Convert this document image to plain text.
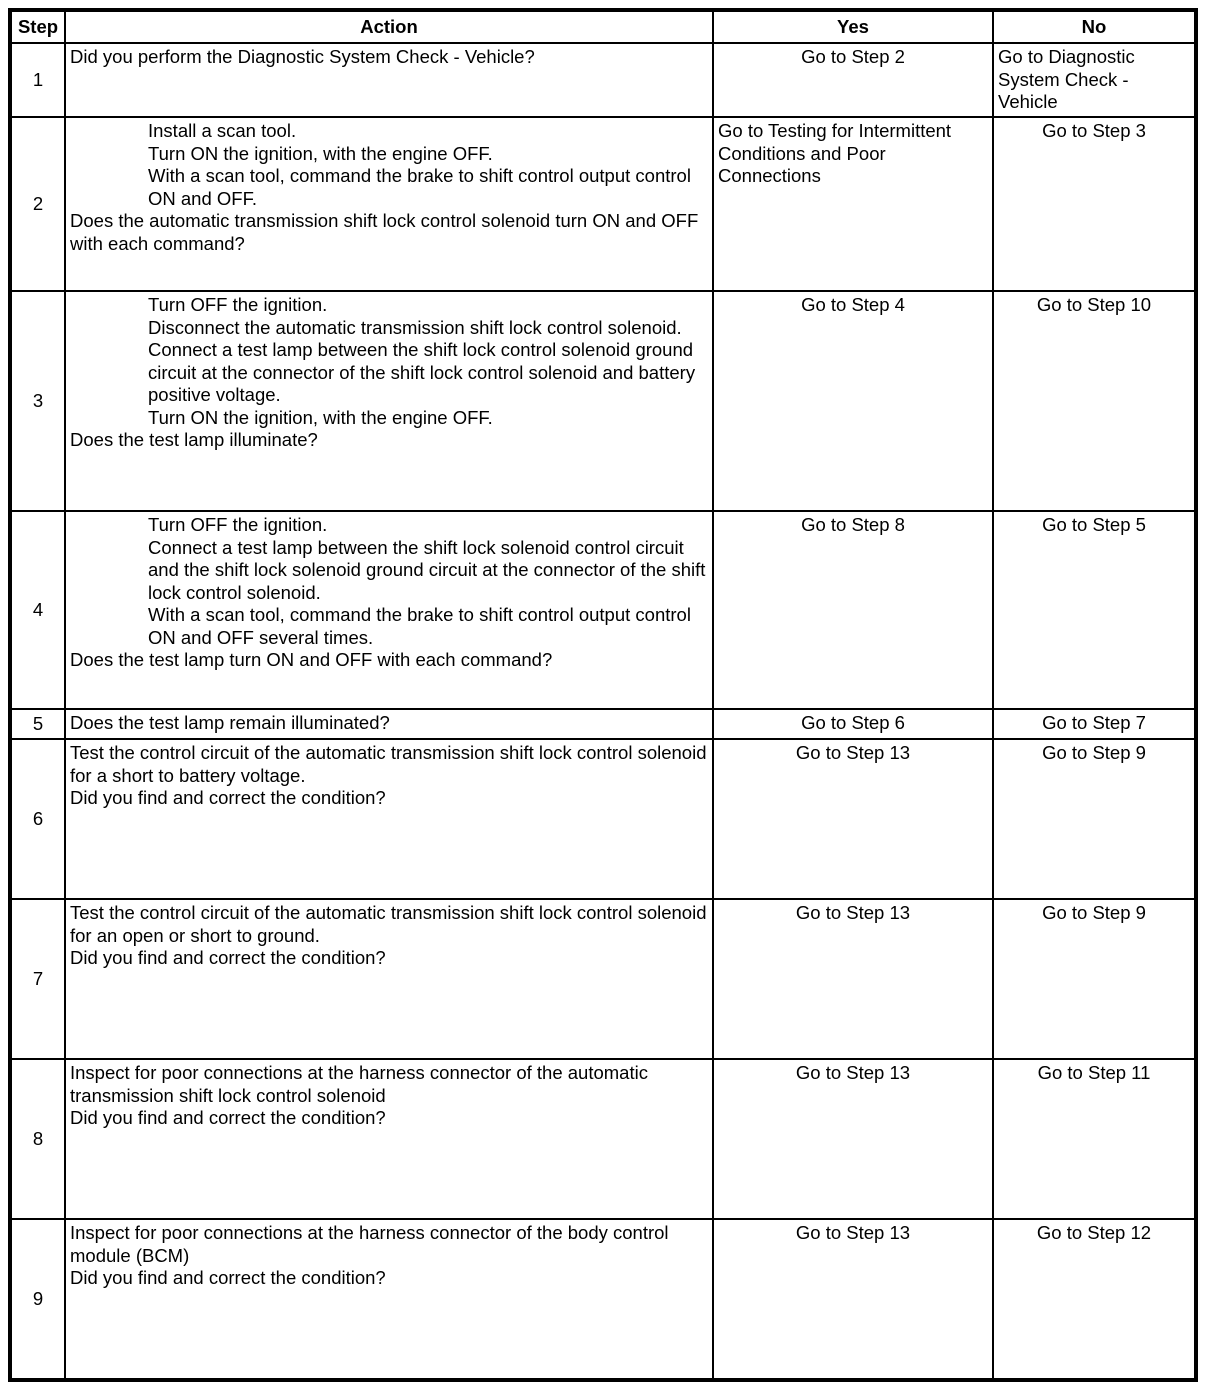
Step	Action	Yes	No
1	Did you perform the Diagnostic System Check - Vehicle?	Go to Step 2	Go to Diagnostic System Check - Vehicle

2	Install a scan tool.
Turn ON the ignition, with the engine OFF.
With a scan tool, command the brake to shift control output control ON and OFF.
Does the automatic transmission shift lock control solenoid turn ON and OFF with each command?	Go to Testing for Intermittent Conditions and Poor Connections	Go to Step 3

3	Turn OFF the ignition.
Disconnect the automatic transmission shift lock control solenoid.
Connect a test lamp between the shift lock control solenoid ground circuit at the connector of the shift lock control solenoid and battery positive voltage.
Turn ON the ignition, with the engine OFF.
Does the test lamp illuminate?	Go to Step 4	Go to Step 10

4	Turn OFF the ignition.
Connect a test lamp between the shift lock solenoid control circuit and the shift lock solenoid ground circuit at the connector of the shift lock control solenoid.
With a scan tool, command the brake to shift control output control ON and OFF several times.
Does the test lamp turn ON and OFF with each command?	Go to Step 8	Go to Step 5

5	Does the test lamp remain illuminated?	Go to Step 6	Go to Step 7

6	Test the control circuit of the automatic transmission shift lock control solenoid for a short to battery voltage.
Did you find and correct the condition?	Go to Step 13	Go to Step 9

7	Test the control circuit of the automatic transmission shift lock control solenoid for an open or short to ground.
Did you find and correct the condition?	Go to Step 13	Go to Step 9

8	Inspect for poor connections at the harness connector of the automatic transmission shift lock control solenoid
Did you find and correct the condition?	Go to Step 13	Go to Step 11

9	Inspect for poor connections at the harness connector of the body control module (BCM)
Did you find and correct the condition?	Go to Step 13	Go to Step 12
